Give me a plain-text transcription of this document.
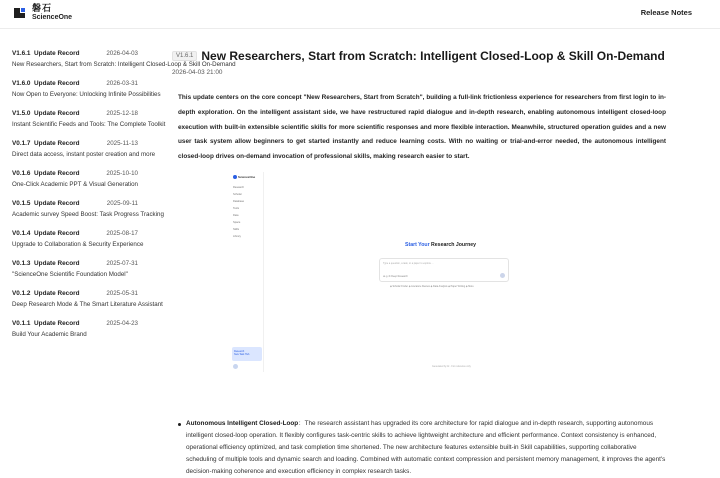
磐石
ScienceOne
Release Notes
V1.6.1 Update Record	2026-04-03
New Researchers, Start from Scratch: Intelligent Closed-Loop & Skill On-Demand
V1.6.0 Update Record	2026-03-31
Now Open to Everyone: Unlocking Infinite Possibilities
V1.5.0 Update Record	2025-12-18
Instant Scientific Feeds and Tools: The Complete Toolkit
V0.1.7 Update Record	2025-11-13
Direct data access, instant poster creation and more
V0.1.6 Update Record	2025-10-10
One-Click Academic PPT & Visual Generation
V0.1.5 Update Record	2025-09-11
Academic survey Speed Boost: Task Progress Tracking
V0.1.4 Update Record	2025-08-17
Upgrade to Collaboration & Security Experience
V0.1.3 Update Record	2025-07-31
"ScienceOne Scientific Foundation Model"
V0.1.2 Update Record	2025-05-31
Deep Research Mode & The Smart Literature Assistant
V0.1.1 Update Record	2025-04-23
Build Your Academic Brand
V1.6.1 New Researchers, Start from Scratch: Intelligent Closed-Loop & Skill On-Demand
2026-04-03 21:00

This update centers on the core concept "New Researchers, Start from Scratch", building a full-link frictionless experience for researchers from first login to in-depth exploration. On the intelligent assistant side, we have restructured rapid dialogue and in-depth research, enabling autonomous intelligent closed-loop execution with built-in extensible scientific skills for more scientific responses and more flexible interaction. Meanwhile, structured operation guides and a new user task system allow beginners to get started instantly and reduce learning costs. With no waiting or trial-and-error needed, the autonomous intelligent closed-loop drives on-demand invocation of professional skills, making research easier to start.

ScienceOne
Research
Scholar
Database
Tools
Data
Space
Skills
Library
Research
New Task Hub
Start Your Research Journey
Type a question, a task, or a paper to explore ...
⊕ ◎ ⚙ Deep Research
◈ Scholar Finder ◈ Literature Review ◈ Data Analysis ◈ Paper Writing ◈ More
Generated by AI · For reference only
Autonomous Intelligent Closed-Loop：The research assistant has upgraded its core architecture for rapid dialogue and in-depth research, supporting autonomous intelligent closed-loop operation. It flexibly configures task-centric skills to achieve lightweight architecture and efficient performance. Context consistency is enhanced, operational efficiency optimized, and task completion time shortened. The new architecture features extensible built-in Skill capabilities, supporting collaborative scheduling of multiple tools and dynamic search and loading. Combined with automatic context compression and persistent memory management, it improves the agent's decision-making coherence and execution efficiency in complex research tasks.
